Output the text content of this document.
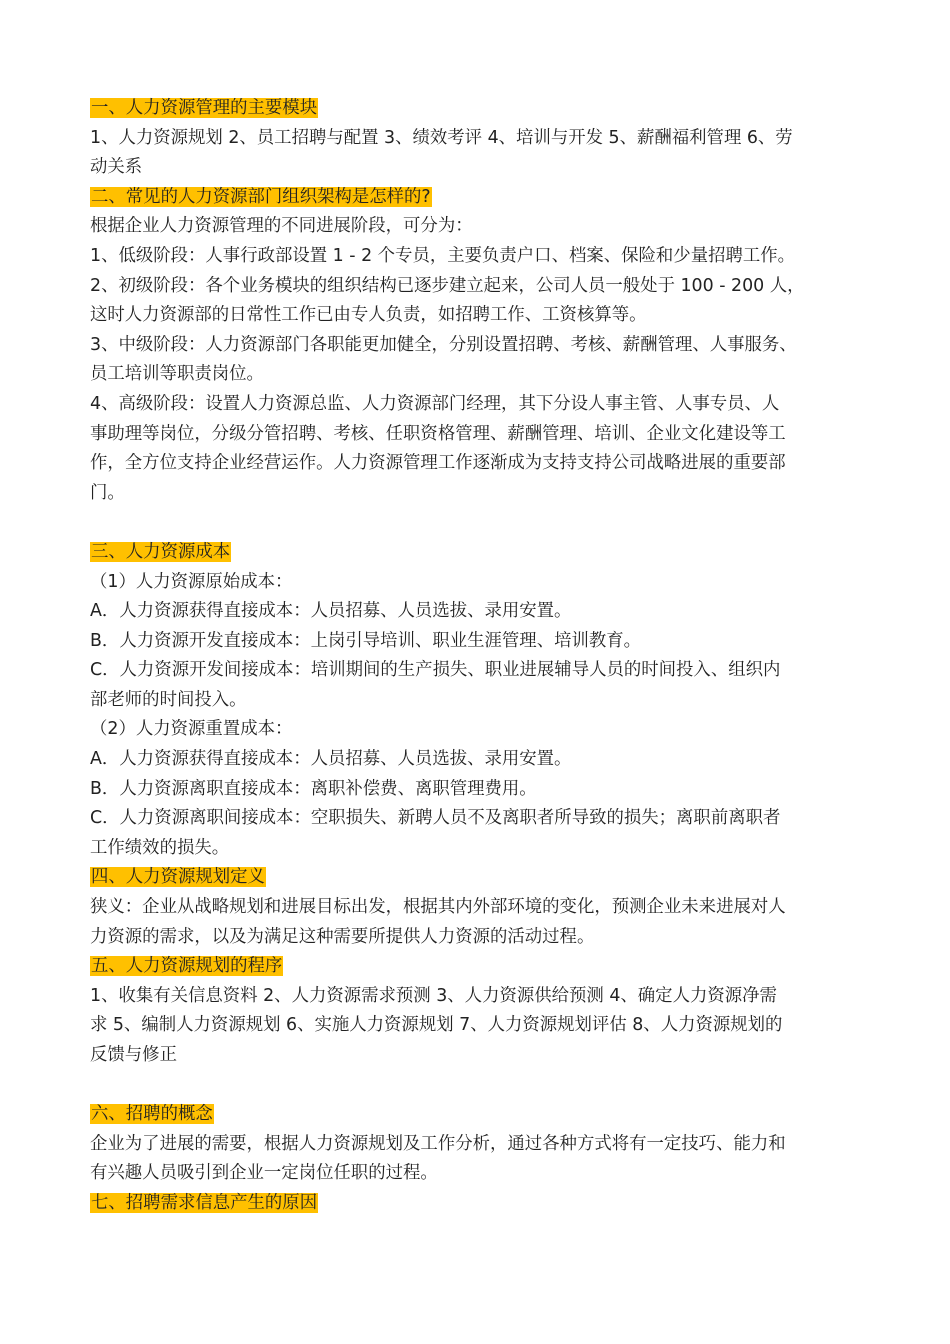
一、人力资源管理的主要模块
1、人力资源规划 2、员工招聘与配置 3、绩效考评 4、培训与开发 5、薪酬福利管理 6、劳
动关系
二、常见的人力资源部门组织架构是怎样的?
根据企业人力资源管理的不同进展阶段，可分为：
1、低级阶段：人事行政部设置 1 - 2 个专员，主要负责户口、档案、保险和少量招聘工作。
2、初级阶段：各个业务模块的组织结构已逐步建立起来，公司人员一般处于 100 - 200 人，
这时人力资源部的日常性工作已由专人负责，如招聘工作、工资核算等。
3、中级阶段：人力资源部门各职能更加健全，分别设置招聘、考核、薪酬管理、人事服务、
员工培训等职责岗位。
4、高级阶段：设置人力资源总监、人力资源部门经理，其下分设人事主管、人事专员、人
事助理等岗位，分级分管招聘、考核、任职资格管理、薪酬管理、培训、企业文化建设等工
作，全方位支持企业经营运作。人力资源管理工作逐渐成为支持支持公司战略进展的重要部
门。
三、人力资源成本
（1）人力资源原始成本：
A．人力资源获得直接成本：人员招募、人员选拔、录用安置。
B．人力资源开发直接成本：上岗引导培训、职业生涯管理、培训教育。
C．人力资源开发间接成本：培训期间的生产损失、职业进展辅导人员的时间投入、组织内
部老师的时间投入。
（2）人力资源重置成本：
A．人力资源获得直接成本：人员招募、人员选拔、录用安置。
B．人力资源离职直接成本：离职补偿费、离职管理费用。
C．人力资源离职间接成本：空职损失、新聘人员不及离职者所导致的损失；离职前离职者
工作绩效的损失。
四、人力资源规划定义
狭义：企业从战略规划和进展目标出发，根据其内外部环境的变化，预测企业未来进展对人
力资源的需求，以及为满足这种需要所提供人力资源的活动过程。
五、人力资源规划的程序
1、收集有关信息资料 2、人力资源需求预测 3、人力资源供给预测 4、确定人力资源净需
求 5、编制人力资源规划 6、实施人力资源规划 7、人力资源规划评估 8、人力资源规划的
反馈与修正
六、招聘的概念
企业为了进展的需要，根据人力资源规划及工作分析，通过各种方式将有一定技巧、能力和
有兴趣人员吸引到企业一定岗位任职的过程。
七、招聘需求信息产生的原因
